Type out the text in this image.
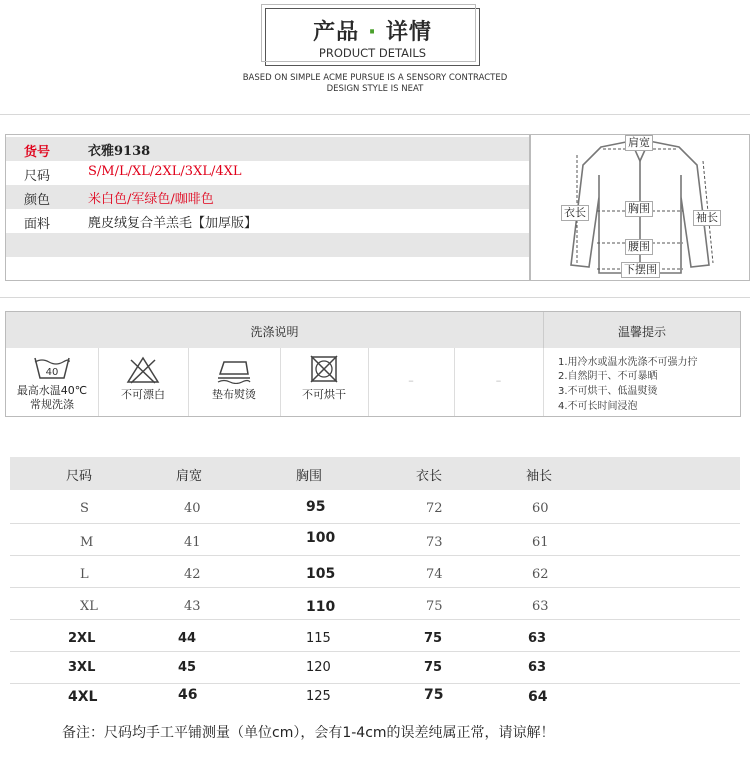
产品 · 详情
PRODUCT DETAILS
BASED ON SIMPLE ACME PURSUE IS A SENSORY CONTRACTED
DESIGN STYLE IS NEAT
货号	衣雅9138
尺码	S/M/L/XL/2XL/3XL/4XL
颜色	米白色/军绿色/咖啡色
面料	麂皮绒复合羊羔毛【加厚版】
肩宽
胸围
衣长	袖长
腰围
下摆围
洗涤说明	温馨提示
40
最高水温40℃
常规洗涤
不可漂白	垫布熨烫	不可烘干
–	–
1.用冷水或温水洗涤不可强力拧
2.自然阴干、不可暴晒
3.不可烘干、低温熨烫
4.不可长时间浸泡
尺码	肩宽	胸围	衣长	袖长
S	40	95	72	60
M	41	100	73	61
L	42	105	74	62
XL	43	110	75	63
2XL	44	115	75	63
3XL	45	120	75	63
4XL	46	125	75	64
备注：尺码均手工平铺测量（单位cm），会有1-4cm的误差纯属正常，请谅解！
